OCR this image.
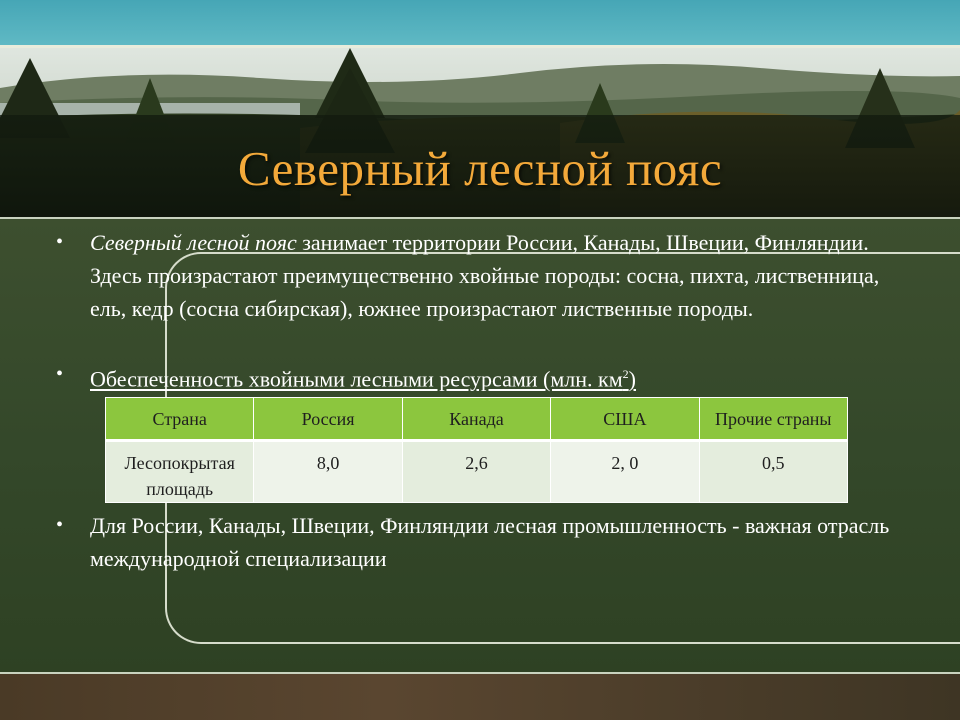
Северный лесной пояс
• Северный лесной пояс занимает территории России, Канады, Швеции, Финляндии. Здесь произрастают преимущественно хвойные породы: сосна, пихта, лиственница, ель, кедр (сосна сибирская), южнее произрастают лиственные породы.
• Обеспеченность хвойными лесными ресурсами (млн. $км^2$)
Страна	Россия	Канада	США	Прочие страны
Лесопокрытая площадь	8,0	2,6	2, 0	0,5
• Для России, Канады, Швеции, Финляндии лесная промышленность - важная отрасль международной специализации
